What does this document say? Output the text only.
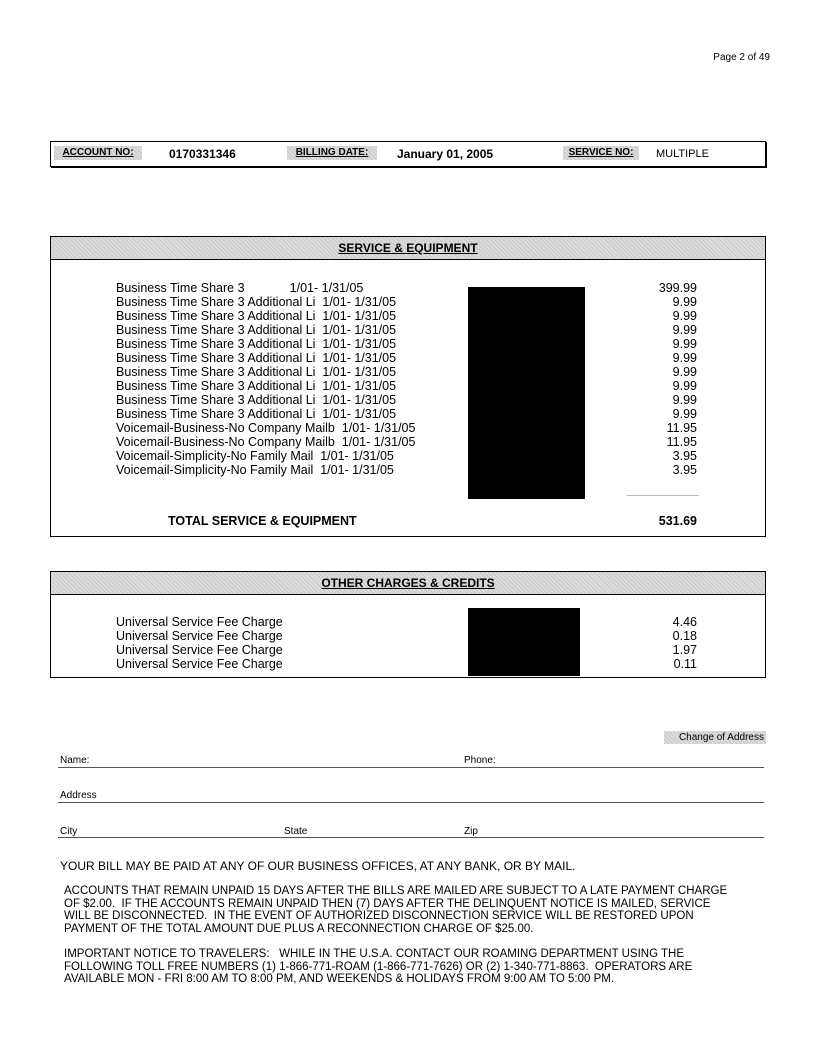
Page 2 of 49
ACCOUNT NO:	0170331346	BILLING DATE:	January 01, 2005	SERVICE NO:	MULTIPLE
SERVICE & EQUIPMENT
Business Time Share 3             1/01- 1/31/05	399.99
Business Time Share 3 Additional Li  1/01- 1/31/05	9.99
Business Time Share 3 Additional Li  1/01- 1/31/05	9.99
Business Time Share 3 Additional Li  1/01- 1/31/05	9.99
Business Time Share 3 Additional Li  1/01- 1/31/05	9.99
Business Time Share 3 Additional Li  1/01- 1/31/05	9.99
Business Time Share 3 Additional Li  1/01- 1/31/05	9.99
Business Time Share 3 Additional Li  1/01- 1/31/05	9.99
Business Time Share 3 Additional Li  1/01- 1/31/05	9.99
Business Time Share 3 Additional Li  1/01- 1/31/05	9.99
Voicemail-Business-No Company Mailb  1/01- 1/31/05	11.95
Voicemail-Business-No Company Mailb  1/01- 1/31/05	11.95
Voicemail-Simplicity-No Family Mail  1/01- 1/31/05	3.95
Voicemail-Simplicity-No Family Mail  1/01- 1/31/05	3.95
TOTAL SERVICE & EQUIPMENT	531.69
OTHER CHARGES & CREDITS
Universal Service Fee Charge	4.46
Universal Service Fee Charge	0.18
Universal Service Fee Charge	1.97
Universal Service Fee Charge	0.11
Change of Address
Name:	Phone:
Address
City	State	Zip
YOUR BILL MAY BE PAID AT ANY OF OUR BUSINESS OFFICES, AT ANY BANK, OR BY MAIL.
ACCOUNTS THAT REMAIN UNPAID 15 DAYS AFTER THE BILLS ARE MAILED ARE SUBJECT TO A LATE PAYMENT CHARGE
OF $2.00.  IF THE ACCOUNTS REMAIN UNPAID THEN (7) DAYS AFTER THE DELINQUENT NOTICE IS MAILED, SERVICE
WILL BE DISCONNECTED.  IN THE EVENT OF AUTHORIZED DISCONNECTION SERVICE WILL BE RESTORED UPON
PAYMENT OF THE TOTAL AMOUNT DUE PLUS A RECONNECTION CHARGE OF $25.00.
IMPORTANT NOTICE TO TRAVELERS:   WHILE IN THE U.S.A. CONTACT OUR ROAMING DEPARTMENT USING THE
FOLLOWING TOLL FREE NUMBERS (1) 1-866-771-ROAM (1-866-771-7626) OR (2) 1-340-771-8863.  OPERATORS ARE
AVAILABLE MON - FRI 8:00 AM TO 8:00 PM, AND WEEKENDS & HOLIDAYS FROM 9:00 AM TO 5:00 PM.
